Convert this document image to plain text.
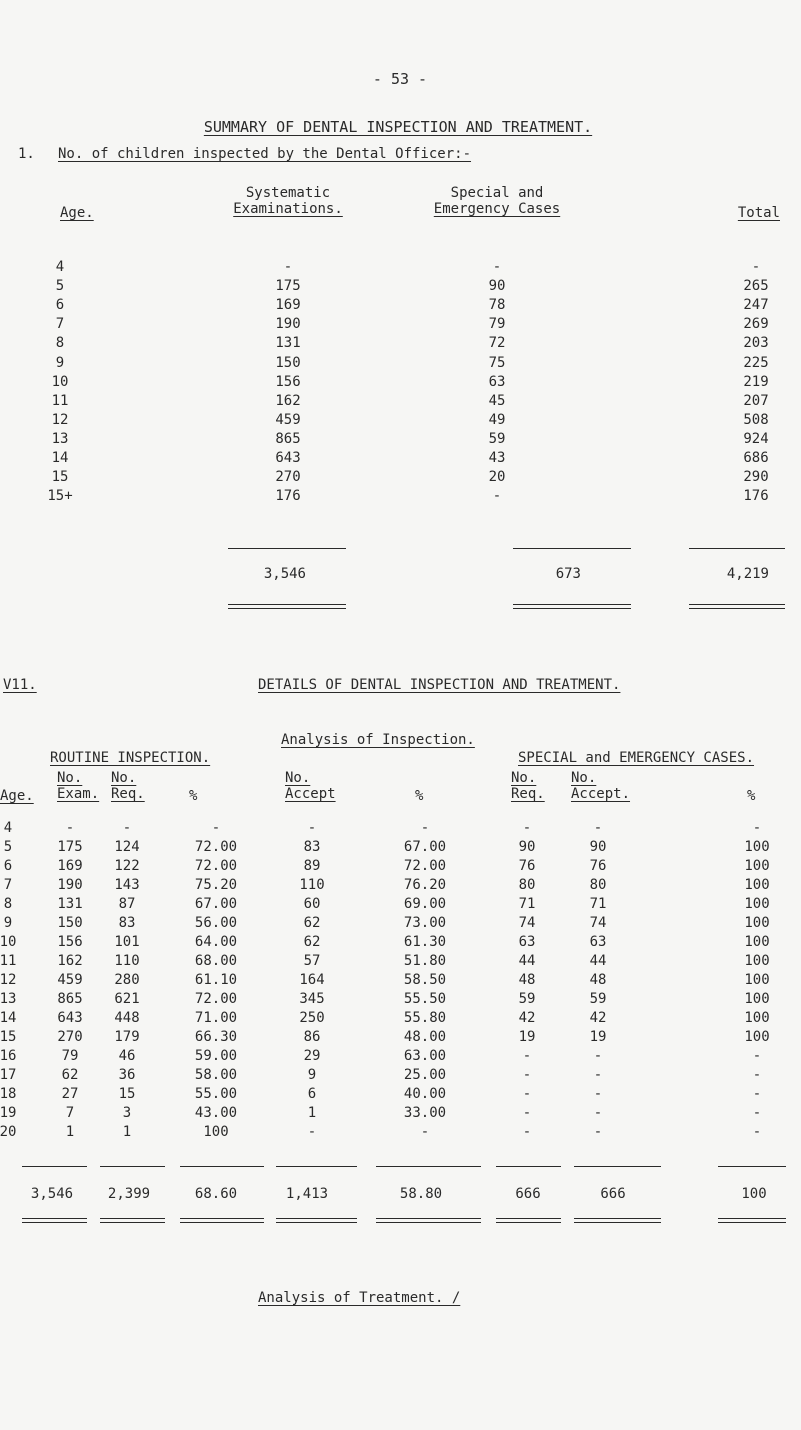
- 53 -
SUMMARY OF DENTAL INSPECTION AND TREATMENT.
1. No. of children inspected by the Dental Officer:-
Age.
Systematic
Examinations.
Special and
Emergency Cases	Total
4	-	-	-
5	175	90	265
6	169	78	247
7	190	79	269
8	131	72	203
9	150	75	225
10	156	63	219
11	162	45	207
12	459	49	508
13	865	59	924
14	643	43	686
15	270	20	290
15+	176	-	176
3,546	673	4,219
V11.	DETAILS OF DENTAL INSPECTION AND TREATMENT.
Analysis of Inspection.
ROUTINE INSPECTION.	SPECIAL and EMERGENCY CASES.
Age.
No.
Exam.
No.
Req.	%
No.
Accept	%
No.
Req.
No.
Accept.	%
4	-	-	-	-	-	-	-	-
5	175 124	72.00	83	67.00	90	90	100
6	169 122	72.00	89	72.00	76	76	100
7	190 143	75.20	110	76.20	80	80	100
8	131	87	67.00	60	69.00	71	71	100
9	150	83	56.00	62	73.00	74	74	100
10	156 101	64.00	62	61.30	63	63	100
11	162 110	68.00	57	51.80	44	44	100
12	459 280	61.10	164	58.50	48	48	100
13	865 621	72.00	345	55.50	59	59	100
14	643 448	71.00	250	55.80	42	42	100
15	270 179	66.30	86	48.00	19	19	100
16	79	46	59.00	29	63.00	-	-	-
17	62	36	58.00	9	25.00	-	-	-
18	27	15	55.00	6	40.00	-	-	-
19	7	3	43.00	1	33.00	-	-	-
20	1	1	100	-	-	-	-	-
3,546 2,399	68.60	1,413	58.80	666	666	100
Analysis of Treatment. /
